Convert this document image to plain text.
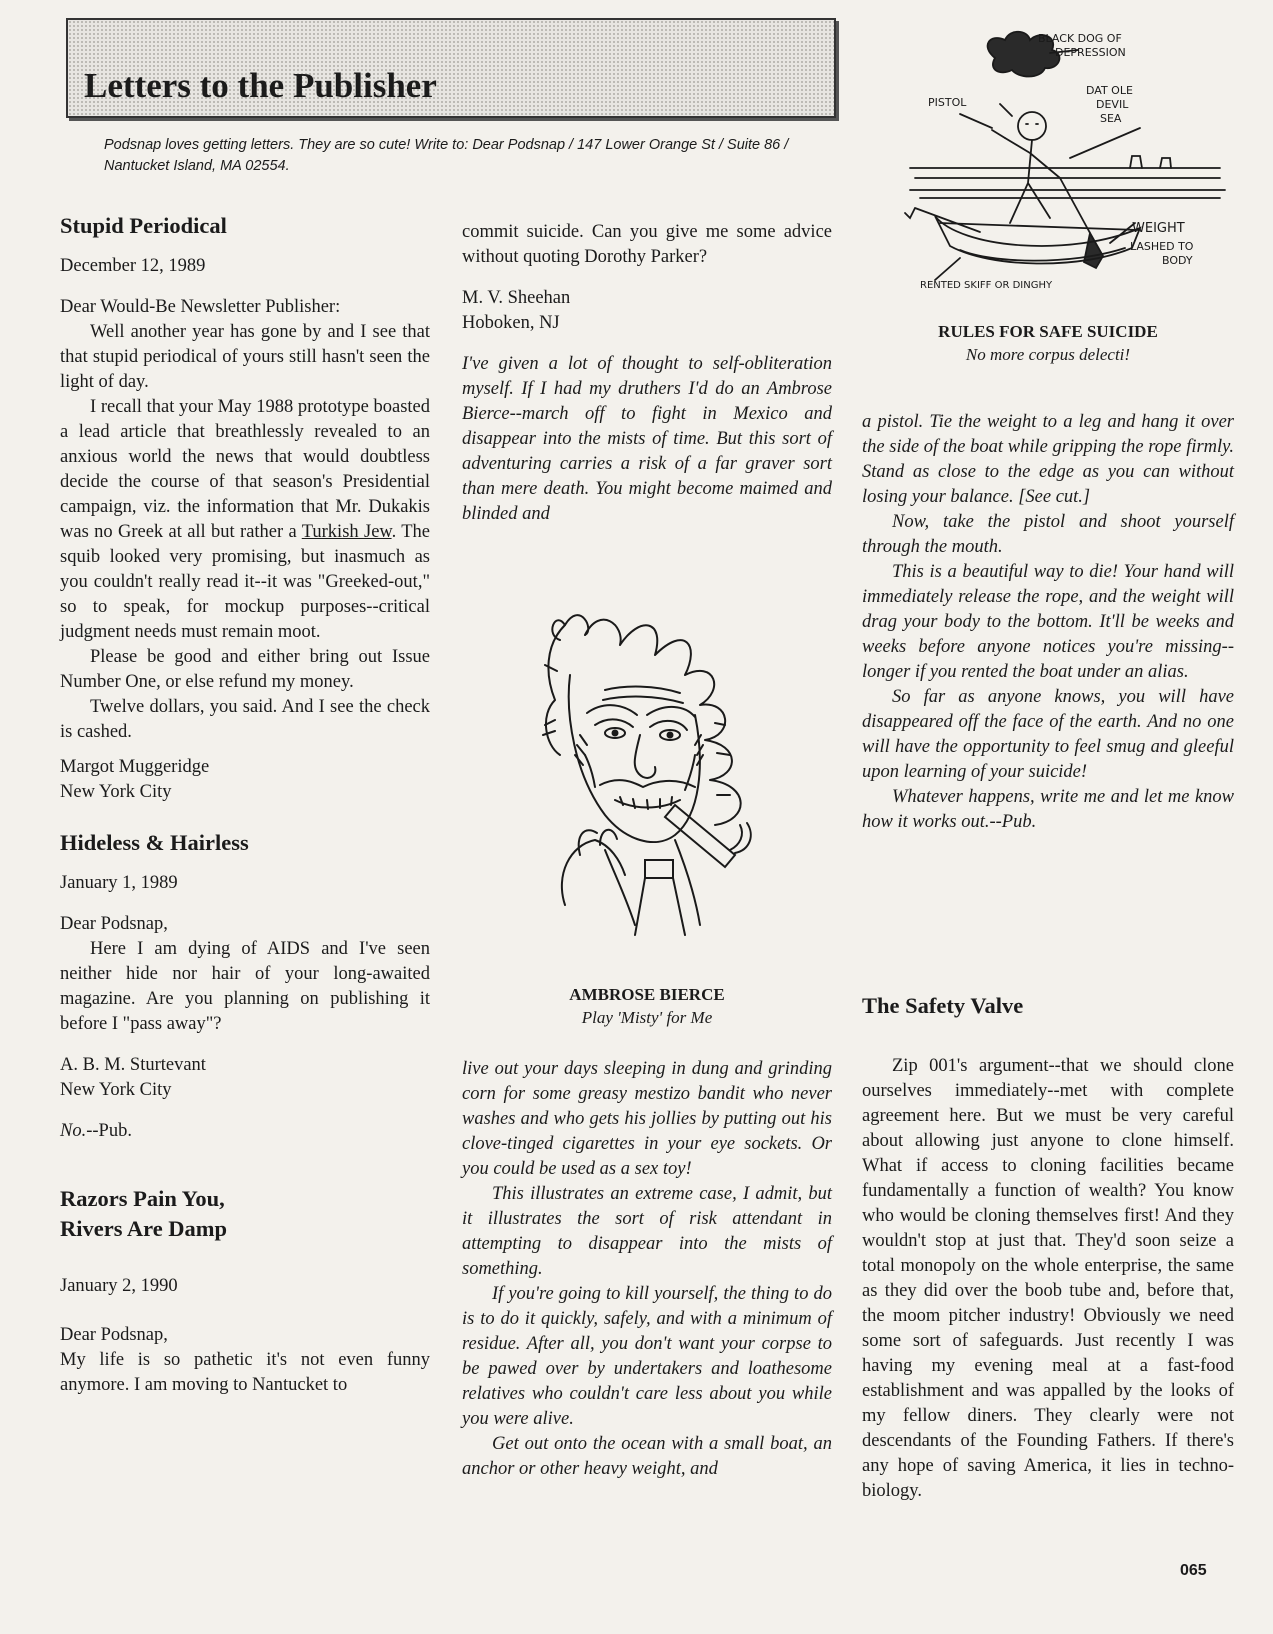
Letters to the Publisher
Podsnap loves getting letters. They are so cute! Write to: Dear Podsnap / 147 Lower Orange St / Suite 86 / Nantucket Island, MA 02554.
Stupid Periodical

December 12, 1989

Dear Would-Be Newsletter Publisher:

Well another year has gone by and I see that that stupid periodical of yours still hasn't seen the light of day.

I recall that your May 1988 prototype boasted a lead article that breathlessly revealed to an anxious world the news that would doubtless decide the course of that season's Presidential campaign, viz. the information that Mr. Dukakis was no Greek at all but rather a Turkish Jew. The squib looked very promising, but inasmuch as you couldn't really read it--it was "Greeked-out," so to speak, for mockup purposes--critical judgment needs must remain moot.

Please be good and either bring out Issue Number One, or else refund my money.

Twelve dollars, you said. And I see the check is cashed.

Margot Muggeridge

New York City

Hideless & Hairless

January 1, 1989

Dear Podsnap,

Here I am dying of AIDS and I've seen neither hide nor hair of your long-awaited magazine. Are you planning on publishing it before I "pass away"?

A. B. M. Sturtevant

New York City

No.--Pub.

Razors Pain You,
Rivers Are Damp

January 2, 1990

Dear Podsnap,

My life is so pathetic it's not even funny anymore. I am moving to Nantucket to

commit suicide. Can you give me some advice without quoting Dorothy Parker?

M. V. Sheehan

Hoboken, NJ

I've given a lot of thought to self-obliteration myself. If I had my druthers I'd do an Ambrose Bierce--march off to fight in Mexico and disappear into the mists of time. But this sort of adventuring carries a risk of a far graver sort than mere death. You might become maimed and blinded and

AMBROSE BIERCE
Play 'Misty' for Me

live out your days sleeping in dung and grinding corn for some greasy mestizo bandit who never washes and who gets his jollies by putting out his clove-tinged cigarettes in your eye sockets. Or you could be used as a sex toy!

This illustrates an extreme case, I admit, but it illustrates the sort of risk attendant in attempting to disappear into the mists of something.

If you're going to kill yourself, the thing to do is to do it quickly, safely, and with a minimum of residue. After all, you don't want your corpse to be pawed over by undertakers and loathesome relatives who couldn't care less about you while you were alive.

Get out onto the ocean with a small boat, an anchor or other heavy weight, and

BLACK DOG OF
DEPRESSION
PISTOL
DAT OLE
DEVIL
SEA
WEIGHT
LASHED TO
BODY
RENTED SKIFF OR DINGHY
RULES FOR SAFE SUICIDE
No more corpus delecti!

a pistol. Tie the weight to a leg and hang it over the side of the boat while gripping the rope firmly. Stand as close to the edge as you can without losing your balance. [See cut.]

Now, take the pistol and shoot yourself through the mouth.

This is a beautiful way to die! Your hand will immediately release the rope, and the weight will drag your body to the bottom. It'll be weeks and weeks before anyone notices you're missing--longer if you rented the boat under an alias.

So far as anyone knows, you will have disappeared off the face of the earth. And no one will have the opportunity to feel smug and gleeful upon learning of your suicide!

Whatever happens, write me and let me know how it works out.--Pub.

The Safety Valve

Zip 001's argument--that we should clone ourselves immediately--met with complete agreement here. But we must be very careful about allowing just anyone to clone himself. What if access to cloning facilities became fundamentally a function of wealth? You know who would be cloning themselves first! And they wouldn't stop at just that. They'd soon seize a total monopoly on the whole enterprise, the same as they did over the boob tube and, before that, the moom pitcher industry! Obviously we need some sort of safeguards. Just recently I was having my evening meal at a fast-food establishment and was appalled by the looks of my fellow diners. They clearly were not descendants of the Founding Fathers. If there's any hope of saving America, it lies in techno-biology.

065
